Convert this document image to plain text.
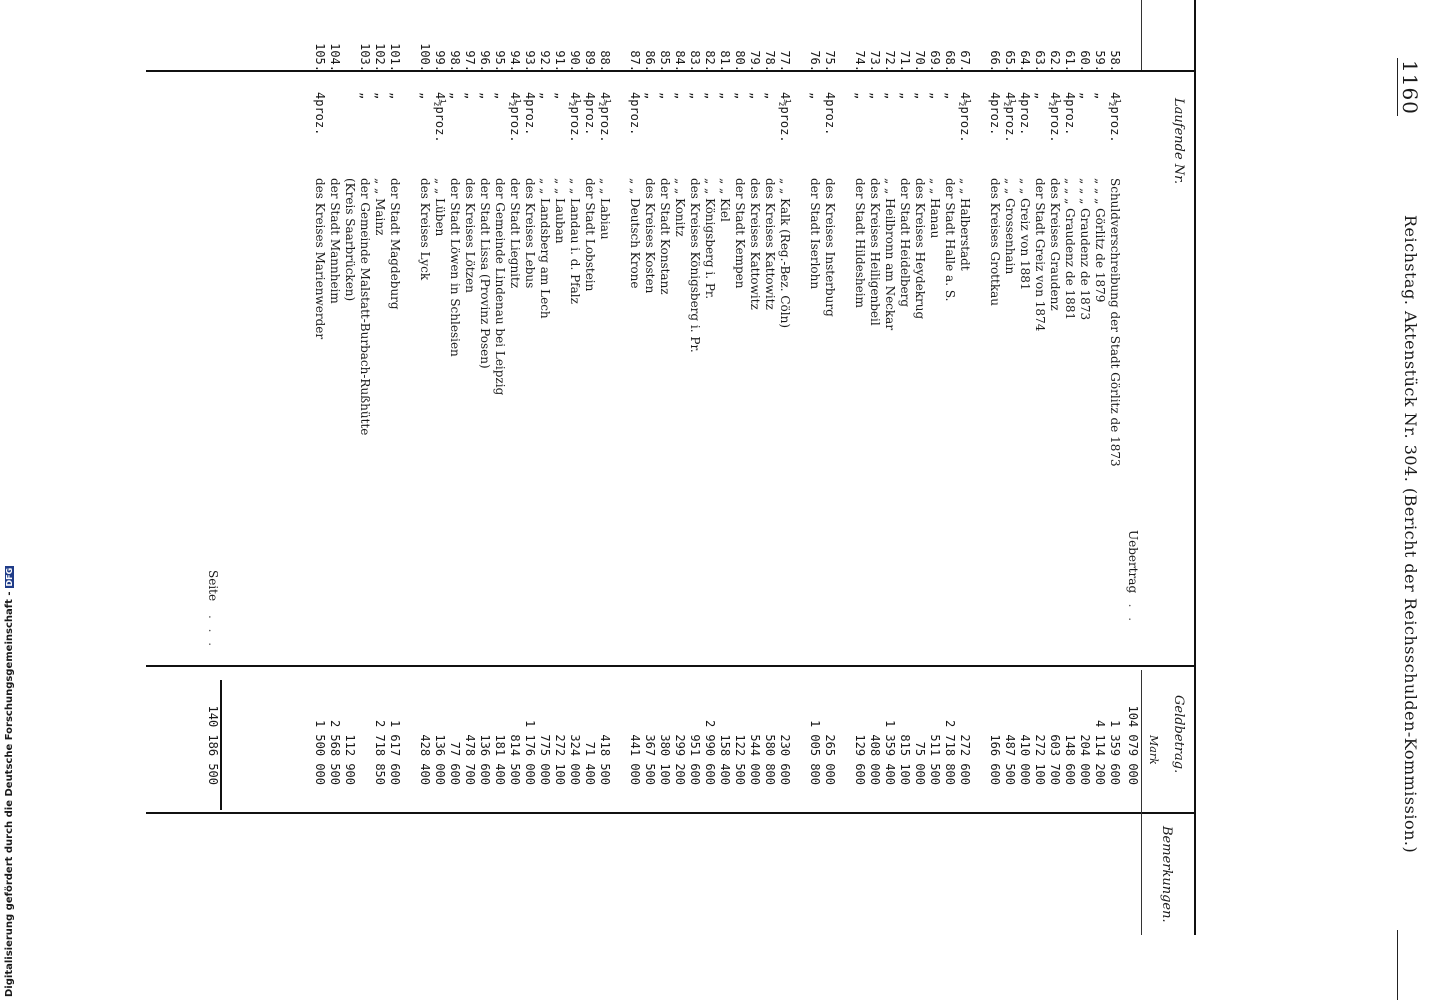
1160
Reichstag. Aktenstück Nr. 304. (Bericht der Reichsschulden-Kommission.)
Laufende Nr.
Geldbetrag.
Mark
Bemerkungen.
Uebertrag
. . .
104 079 000
58.
4½proz.
Schuldverschreibung der Stadt Görlitz de 1873
1 359 600
59.
„
„ „ „ Görlitz de 1879
4 114 200
60.
„
„ „ „ Graudenz de 1873
204 000
61.
4proz.
„ „ „ Graudenz de 1881
148 600
62.
4½proz.
des Kreises Graudenz
603 700
63.
„
der Stadt Greiz von 1874
272 100
64.
4proz.
„ „ Greiz von 1881
410 000
65.
4½proz.
„ „ Grossenhain
487 500
66.
4proz.
des Kreises Grottkau
166 600
67.
4½proz.
„ „ Halberstadt
272 600
68.
„
der Stadt Halle a. S.
2 718 800
69.
„
„ „ Hanau
511 500
70.
„
des Kreises Heydekrug
75 000
71.
„
der Stadt Heidelberg
815 100
72.
„
„ „ Heilbronn am Neckar
1 359 400
73.
„
des Kreises Heiligenbeil
408 000
74.
„
der Stadt Hildesheim
129 600
75.
4proz.
des Kreises Insterburg
265 000
76.
„
der Stadt Iserlohn
1 005 800
77.
4½proz.
„ „ Kalk (Reg.-Bez. Cöln)
230 600
78.
„
des Kreises Kattowitz
580 800
79.
„
des Kreises Kattowitz
544 000
80.
„
der Stadt Kempen
122 500
81.
„
„ „ Kiel
158 400
82.
„
„ „ Königsberg i. Pr.
2 990 600
83.
„
des Kreises Königsberg i. Pr.
951 600
84.
„
„ „ Konitz
299 200
85.
„
der Stadt Konstanz
380 100
86.
„
des Kreises Kosten
367 500
87.
4proz.
„ „ Deutsch Krone
441 000
88.
4½proz.
„ „ Labiau
418 500
89.
4proz.
der Stadt Lobstein
71 400
90.
4½proz.
„ „ Landau i. d. Pfalz
324 000
91.
„
„ „ Lauban
272 100
92.
„
„ „ Landsberg am Lech
775 000
93.
4proz.
des Kreises Lebus
1 176 000
94.
4½proz.
der Stadt Liegnitz
814 500
95.
„
der Gemeinde Lindenau bei Leipzig
181 400
96.
„
der Stadt Lissa (Provinz Posen)
136 600
97.
„
des Kreises Lötzen
478 700
98.
„
der Stadt Löwen in Schlesien
77 600
99.
4½proz.
„ „ Lüben
136 000
100.
„
des Kreises Lyck
428 400
101.
„
der Stadt Magdeburg
1 617 600
102.
„
„ „ Mainz
2 718 850
103.
„
der Gemeinde Malstatt-Burbach-Rußhütte
(Kreis Saarbrücken)
112 900
104.
der Stadt Mannheim
2 568 500
105.
4proz.
des Kreises Marienwerder
1 500 000
Seite
. . .
140 186 500
Digitalisierung gefördert durch die Deutsche Forschungsgemeinschaft -DFG
